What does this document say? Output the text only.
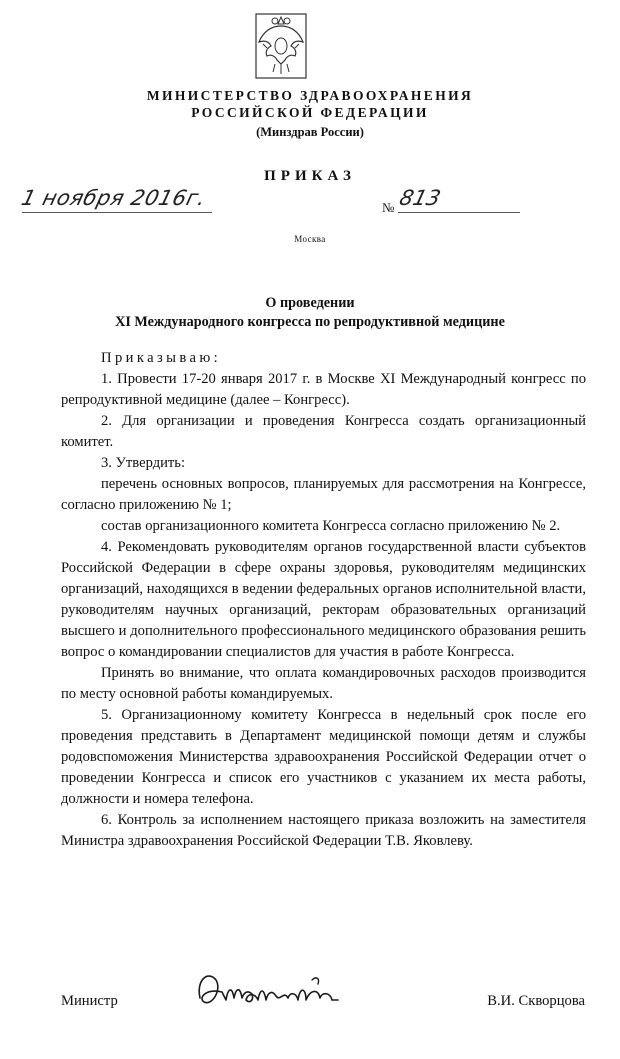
МИНИСТЕРСТВО ЗДРАВООХРАНЕНИЯ
РОССИЙСКОЙ ФЕДЕРАЦИИ
(Минздрав России)
ПРИКАЗ
1 ноября 2016г.	№ 813
Москва
О проведении
XI Международного конгресса по репродуктивной медицине

Приказываю:

1. Провести 17-20 января 2017 г. в Москве XI Международный конгресс по репродуктивной медицине (далее – Конгресс).

2. Для организации и проведения Конгресса создать организационный комитет.

3. Утвердить:

перечень основных вопросов, планируемых для рассмотрения на Конгрессе, согласно приложению № 1;

состав организационного комитета Конгресса согласно приложению № 2.

4. Рекомендовать руководителям органов государственной власти субъектов Российской Федерации в сфере охраны здоровья, руководителям медицинских организаций, находящихся в ведении федеральных органов исполнительной власти, руководителям научных организаций, ректорам образовательных организаций высшего и дополнительного профессионального медицинского образования решить вопрос о командировании специалистов для участия в работе Конгресса.

Принять во внимание, что оплата командировочных расходов производится по месту основной работы командируемых.

5. Организационному комитету Конгресса в недельный срок после его проведения представить в Департамент медицинской помощи детям и службы родовспоможения Министерства здравоохранения Российской Федерации отчет о проведении Конгресса и список его участников с указанием их места работы, должности и номера телефона.

6. Контроль за исполнением настоящего приказа возложить на заместителя Министра здравоохранения Российской Федерации Т.В. Яковлеву.

Министр	В.И. Скворцова
